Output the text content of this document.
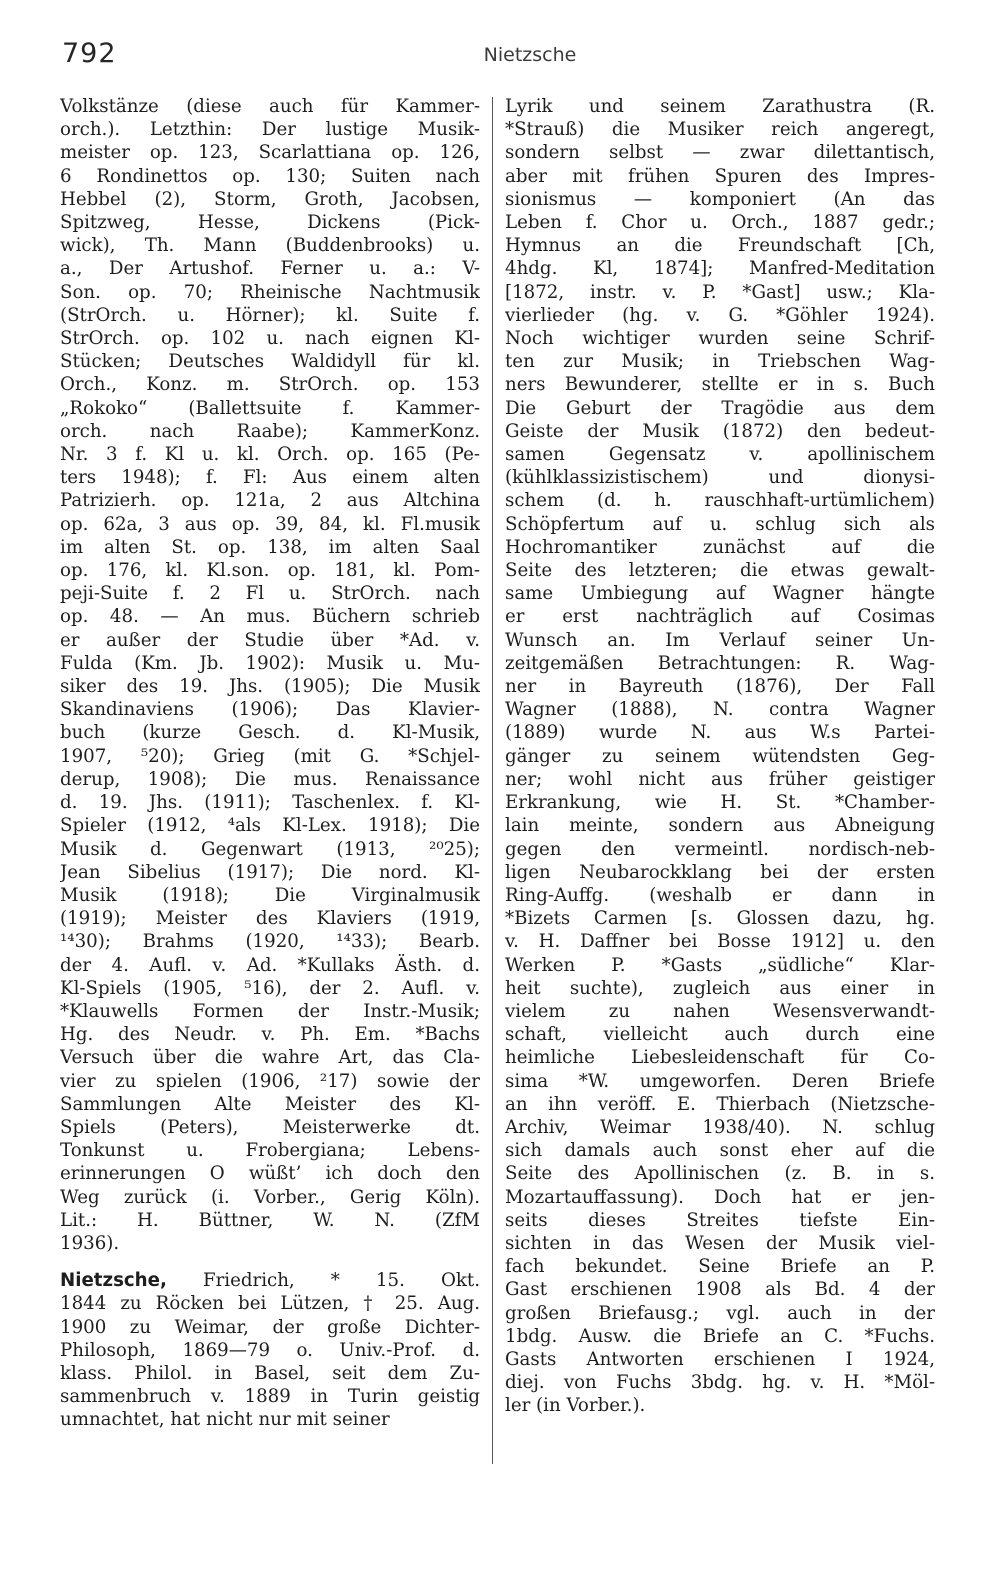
792	Nietzsche
Volkstänze (diese auch für Kammer-
orch.). Letzthin: Der lustige Musik-
meister op. 123, Scarlattiana op. 126,
6 Rondinettos op. 130; Suiten nach
Hebbel (2), Storm, Groth, Jacobsen,
Spitzweg, Hesse, Dickens (Pick-
wick), Th. Mann (Buddenbrooks) u.
a., Der Artushof. Ferner u. a.: V-
Son. op. 70; Rheinische Nachtmusik
(StrOrch. u. Hörner); kl. Suite f.
StrOrch. op. 102 u. nach eignen Kl-
Stücken; Deutsches Waldidyll für kl.
Orch., Konz. m. StrOrch. op. 153
„Rokoko“ (Ballettsuite f. Kammer-
orch. nach Raabe); KammerKonz.
Nr. 3 f. Kl u. kl. Orch. op. 165 (Pe-
ters 1948); f. Fl: Aus einem alten
Patrizierh. op. 121a, 2 aus Altchina
op. 62a, 3 aus op. 39, 84, kl. Fl.musik
im alten St. op. 138, im alten Saal
op. 176, kl. Kl.son. op. 181, kl. Pom-
peji-Suite f. 2 Fl u. StrOrch. nach
op. 48. — An mus. Büchern schrieb
er außer der Studie über *Ad. v.
Fulda (Km. Jb. 1902): Musik u. Mu-
siker des 19. Jhs. (1905); Die Musik
Skandinaviens (1906); Das Klavier-
buch (kurze Gesch. d. Kl-Musik,
1907, ⁵20); Grieg (mit G. *Schjel-
derup, 1908); Die mus. Renaissance
d. 19. Jhs. (1911); Taschenlex. f. Kl-
Spieler (1912, ⁴als Kl-Lex. 1918); Die
Musik d. Gegenwart (1913, ²⁰25);
Jean Sibelius (1917); Die nord. Kl-
Musik (1918); Die Virginalmusik
(1919); Meister des Klaviers (1919,
¹⁴30); Brahms (1920, ¹⁴33); Bearb.
der 4. Aufl. v. Ad. *Kullaks Ästh. d.
Kl-Spiels (1905, ⁵16), der 2. Aufl. v.
*Klauwells Formen der Instr.-Musik;
Hg. des Neudr. v. Ph. Em. *Bachs
Versuch über die wahre Art, das Cla-
vier zu spielen (1906, ²17) sowie der
Sammlungen Alte Meister des Kl-
Spiels (Peters), Meisterwerke dt.
Tonkunst u. Frobergiana; Lebens-
erinnerungen O wüßt’ ich doch den
Weg zurück (i. Vorber., Gerig Köln).
Lit.: H. Büttner, W. N. (ZfM
1936).
Nietzsche, Friedrich, * 15. Okt.
1844 zu Röcken bei Lützen, † 25. Aug.
1900 zu Weimar, der große Dichter-
Philosoph, 1869—79 o. Univ.-Prof. d.
klass. Philol. in Basel, seit dem Zu-
sammenbruch v. 1889 in Turin geistig
umnachtet, hat nicht nur mit seiner
Lyrik und seinem Zarathustra (R.
*Strauß) die Musiker reich angeregt,
sondern selbst — zwar dilettantisch,
aber mit frühen Spuren des Impres-
sionismus — komponiert (An das
Leben f. Chor u. Orch., 1887 gedr.;
Hymnus an die Freundschaft [Ch,
4hdg. Kl, 1874]; Manfred-Meditation
[1872, instr. v. P. *Gast] usw.; Kla-
vierlieder (hg. v. G. *Göhler 1924).
Noch wichtiger wurden seine Schrif-
ten zur Musik; in Triebschen Wag-
ners Bewunderer, stellte er in s. Buch
Die Geburt der Tragödie aus dem
Geiste der Musik (1872) den bedeut-
samen Gegensatz v. apollinischem
(kühlklassizistischem) und dionysi-
schem (d. h. rauschhaft-urtümlichem)
Schöpfertum auf u. schlug sich als
Hochromantiker zunächst auf die
Seite des letzteren; die etwas gewalt-
same Umbiegung auf Wagner hängte
er erst nachträglich auf Cosimas
Wunsch an. Im Verlauf seiner Un-
zeitgemäßen Betrachtungen: R. Wag-
ner in Bayreuth (1876), Der Fall
Wagner (1888), N. contra Wagner
(1889) wurde N. aus W.s Partei-
gänger zu seinem wütendsten Geg-
ner; wohl nicht aus früher geistiger
Erkrankung, wie H. St. *Chamber-
lain meinte, sondern aus Abneigung
gegen den vermeintl. nordisch-neb-
ligen Neubarockklang bei der ersten
Ring-Auffg. (weshalb er dann in
*Bizets Carmen [s. Glossen dazu, hg.
v. H. Daffner bei Bosse 1912] u. den
Werken P. *Gasts „südliche“ Klar-
heit suchte), zugleich aus einer in
vielem zu nahen Wesensverwandt-
schaft, vielleicht auch durch eine
heimliche Liebesleidenschaft für Co-
sima *W. umgeworfen. Deren Briefe
an ihn veröff. E. Thierbach (Nietzsche-
Archiv, Weimar 1938/40). N. schlug
sich damals auch sonst eher auf die
Seite des Apollinischen (z. B. in s.
Mozartauffassung). Doch hat er jen-
seits dieses Streites tiefste Ein-
sichten in das Wesen der Musik viel-
fach bekundet. Seine Briefe an P.
Gast erschienen 1908 als Bd. 4 der
großen Briefausg.; vgl. auch in der
1bdg. Ausw. die Briefe an C. *Fuchs.
Gasts Antworten erschienen I 1924,
diej. von Fuchs 3bdg. hg. v. H. *Möl-
ler (in Vorber.).
